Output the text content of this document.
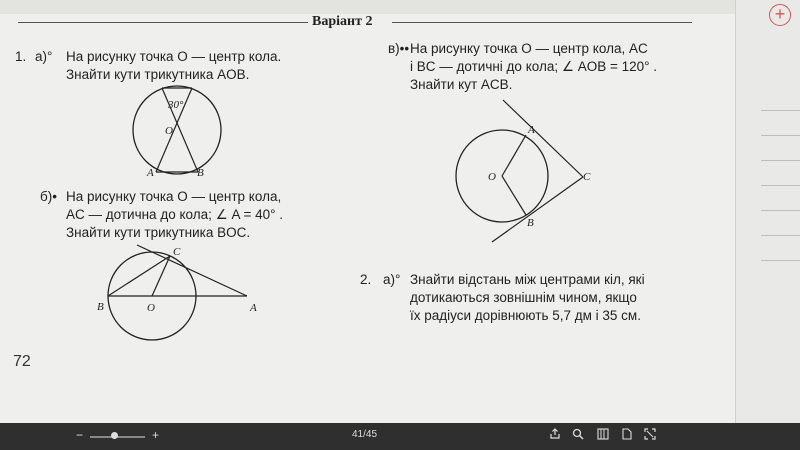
Варіант 2
1. а)° На рисунку точка O — центр кола.
Знайти кути трикутника AOB.
30°
O
A	B
б)• На рисунку точка O — центр кола,
AC — дотична до кола; ∠ A = 40° .
Знайти кути трикутника BOC.
C
B	O	A
в)•• На рисунку точка O — центр кола, AC
і BC — дотичні до кола; ∠ AOB = 120° .
Знайти кут ACB.
A
O	C
B
2. а)° Знайти відстань між центрами кіл, які
дотикаються зовнішнім чином, якщо
їх радіуси дорівнюють 5,7 дм і 35 см.
72
+
−	+	41/45
